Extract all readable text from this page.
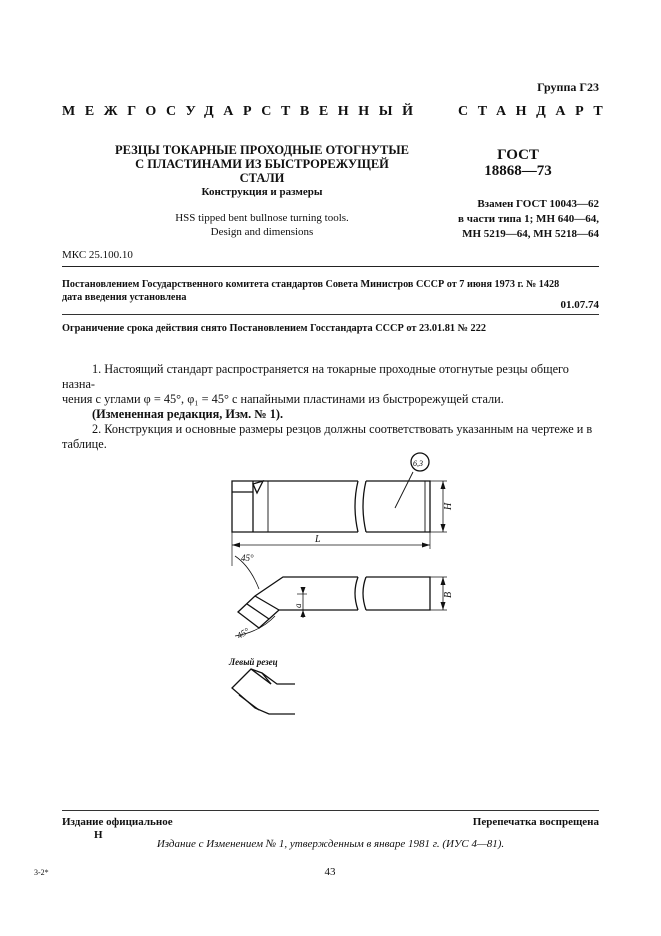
Группа Г23
МЕЖГОСУДАРСТВЕННЫЙ	СТАНДАРТ
РЕЗЦЫ ТОКАРНЫЕ ПРОХОДНЫЕ ОТОГНУТЫЕ
С ПЛАСТИНАМИ ИЗ БЫСТРОРЕЖУЩЕЙ СТАЛИ
Конструкция и размеры
HSS tipped bent bullnose turning tools.
Design and dimensions
ГОСТ
18868—73
Взамен ГОСТ 10043—62
в части типа 1; МН 640—64,
МН 5219—64, МН 5218—64
МКС 25.100.10
Постановлением Государственного комитета стандартов Совета Министров СССР от 7 июня 1973 г. № 1428
дата введения установлена
01.07.74
Ограничение срока действия снято Постановлением Госстандарта СССР от 23.01.81 № 222

1. Настоящий стандарт распространяется на токарные проходные отогнутые резцы общего назна-

чения с углами φ = 45°, φ₁ = 45° с напайными пластинами из быстрорежущей стали.

(Измененная редакция, Изм. № 1).

2. Конструкция и основные размеры резцов должны соответствовать указанным на чертеже и в

таблице.

6,3
H
L
B
a
45°
45°
Левый резец
Издание официальное
Н
Перепечатка воспрещена
Издание с Изменением № 1, утвержденным в январе 1981 г. (ИУС 4—81).
3-2*	43
